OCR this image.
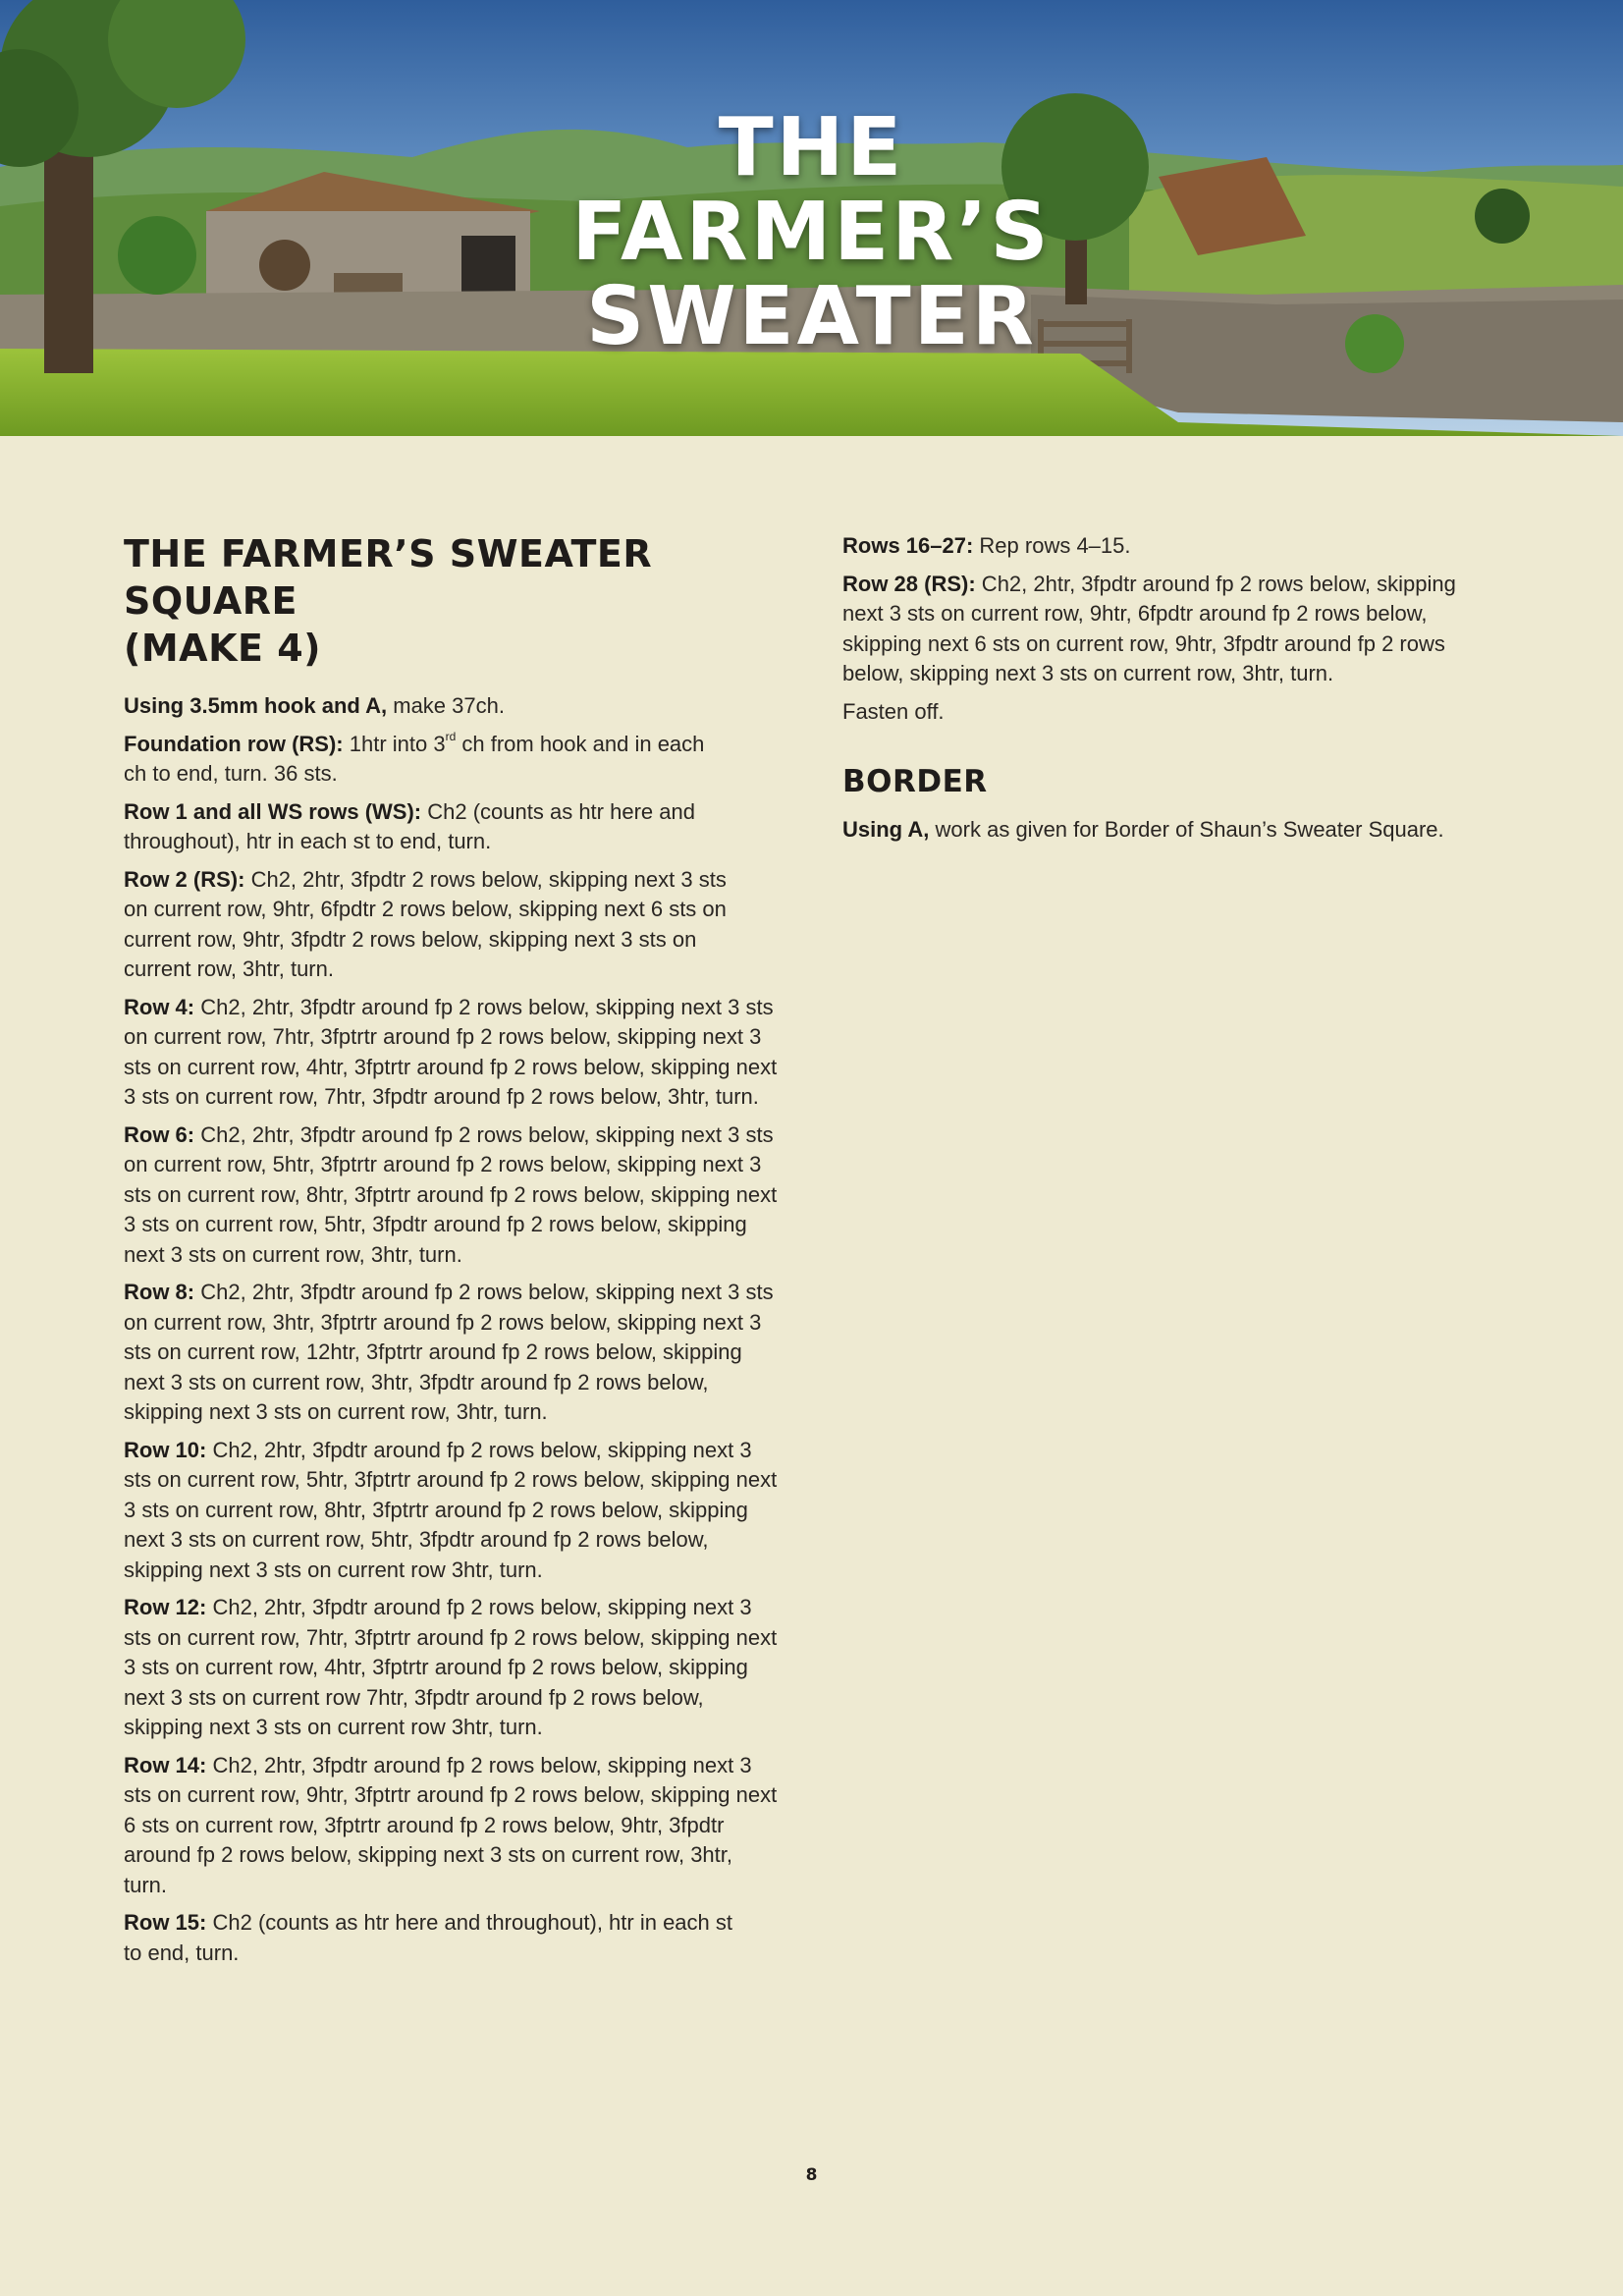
THE
FARMER’S
SWEATER
THE FARMER’S SWEATER SQUARE
(MAKE 4)

Using 3.5mm hook and A, make 37ch.

Foundation row (RS): 1htr into 3rd ch from hook and in each ch to end, turn. 36 sts.

Row 1 and all WS rows (WS): Ch2 (counts as htr here and throughout), htr in each st to end, turn.

Row 2 (RS): Ch2, 2htr, 3fpdtr 2 rows below, skipping next 3 sts on current row, 9htr, 6fpdtr 2 rows below, skipping next 6 sts on current row, 9htr, 3fpdtr 2 rows below, skipping next 3 sts on current row, 3htr, turn.

Row 4: Ch2, 2htr, 3fpdtr around fp 2 rows below, skipping next 3 sts on current row, 7htr, 3fptrtr around fp 2 rows below, skipping next 3 sts on current row, 4htr, 3fptrtr around fp 2 rows below, skipping next 3 sts on current row, 7htr, 3fpdtr around fp 2 rows below, 3htr, turn.

Row 6: Ch2, 2htr, 3fpdtr around fp 2 rows below, skipping next 3 sts on current row, 5htr, 3fptrtr around fp 2 rows below, skipping next 3 sts on current row, 8htr, 3fptrtr around fp 2 rows below, skipping next 3 sts on current row, 5htr, 3fpdtr around fp 2 rows below, skipping next 3 sts on current row, 3htr, turn.

Row 8: Ch2, 2htr, 3fpdtr around fp 2 rows below, skipping next 3 sts on current row, 3htr, 3fptrtr around fp 2 rows below, skipping next 3 sts on current row, 12htr, 3fptrtr around fp 2 rows below, skipping next 3 sts on current row, 3htr, 3fpdtr around fp 2 rows below, skipping next 3 sts on current row, 3htr, turn.

Row 10: Ch2, 2htr, 3fpdtr around fp 2 rows below, skipping next 3 sts on current row, 5htr, 3fptrtr around fp 2 rows below, skipping next 3 sts on current row, 8htr, 3fptrtr around fp 2 rows below, skipping next 3 sts on current row, 5htr, 3fpdtr around fp 2 rows below, skipping next 3 sts on current row 3htr, turn.

Row 12: Ch2, 2htr, 3fpdtr around fp 2 rows below, skipping next 3 sts on current row, 7htr, 3fptrtr around fp 2 rows below, skipping next 3 sts on current row, 4htr, 3fptrtr around fp 2 rows below, skipping next 3 sts on current row 7htr, 3fpdtr around fp 2 rows below, skipping next 3 sts on current row 3htr, turn.

Row 14: Ch2, 2htr, 3fpdtr around fp 2 rows below, skipping next 3 sts on current row, 9htr, 3fptrtr around fp 2 rows below, skipping next 6 sts on current row, 3fptrtr around fp 2 rows below, 9htr, 3fpdtr around fp 2 rows below, skipping next 3 sts on current row, 3htr, turn.

Row 15: Ch2 (counts as htr here and throughout), htr in each st to end, turn.

Rows 16–27: Rep rows 4–15.

Row 28 (RS): Ch2, 2htr, 3fpdtr around fp 2 rows below, skipping next 3 sts on current row, 9htr, 6fpdtr around fp 2 rows below, skipping next 6 sts on current row, 9htr, 3fpdtr around fp 2 rows below, skipping next 3 sts on current row, 3htr, turn.

Fasten off.

BORDER

Using A, work as given for Border of Shaun’s Sweater Square.

8
